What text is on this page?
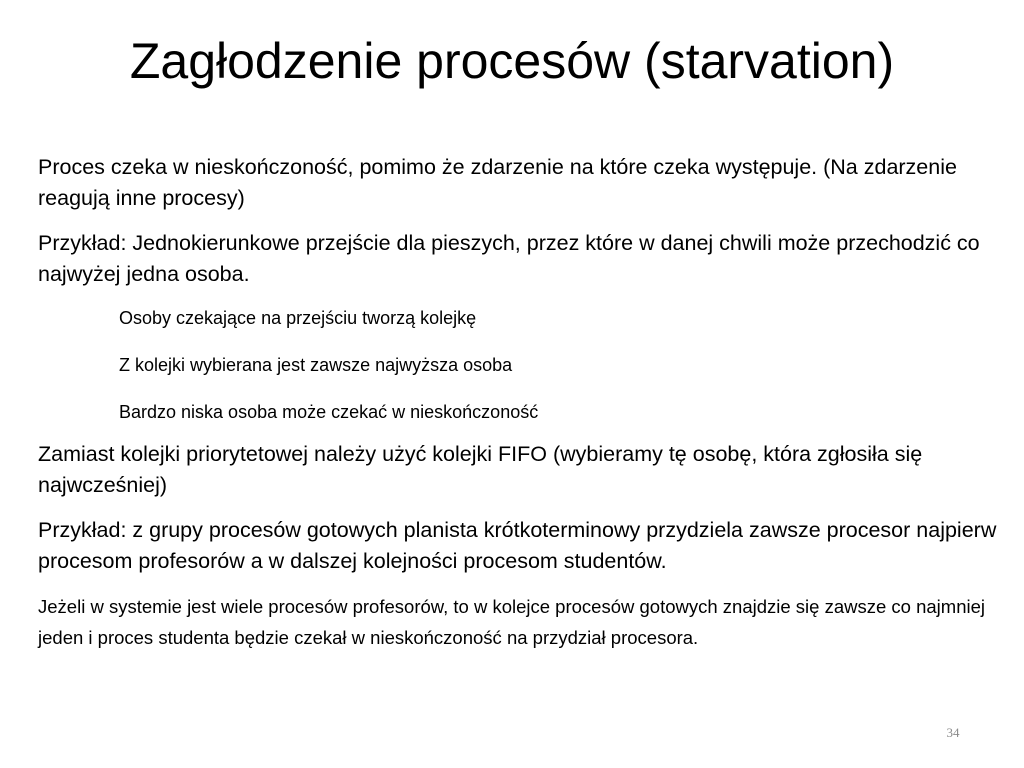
Zagłodzenie procesów (starvation)

Proces czeka w nieskończoność, pomimo że zdarzenie na które czeka występuje. (Na zdarzenie reagują inne procesy)

Przykład: Jednokierunkowe przejście dla pieszych, przez które w danej chwili może przechodzić co najwyżej jedna osoba.

Osoby czekające na przejściu tworzą kolejkę

Z kolejki wybierana jest zawsze najwyższa osoba

Bardzo niska osoba może czekać w nieskończoność

Zamiast kolejki priorytetowej należy użyć kolejki FIFO (wybieramy tę osobę, która zgłosiła się najwcześniej)

Przykład: z grupy procesów gotowych planista krótkoterminowy przydziela zawsze procesor najpierw procesom profesorów a w dalszej kolejności procesom studentów.

Jeżeli w systemie jest wiele procesów profesorów, to w kolejce procesów gotowych znajdzie się zawsze co najmniej jeden i proces studenta będzie czekał w nieskończoność na przydział procesora.

34
